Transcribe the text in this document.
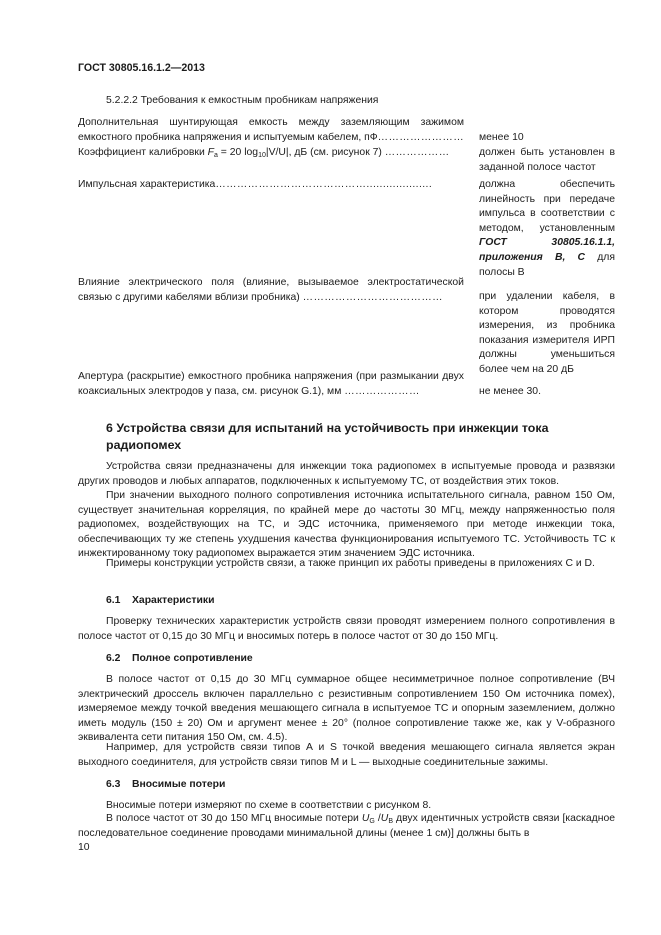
ГОСТ 30805.16.1.2—2013
5.2.2.2 Требования к емкостным пробникам напряжения
Дополнительная шунтирующая емкость между заземляющим зажимом емкостного пробника напряжения и испытуемым кабелем, пФ…………………… менее 10
Коэффициент калибровки $F_a = 20$ $\log_{10}|V/U|$, дБ (см. рисунок 7) ………………	должен быть установлен в заданной полосе частот
Импульсная характеристика……………………………………....................	должна обеспечить линейность при передаче импульса в соответствии с методом, установленным ГОСТ 30805.16.1.1, приложения В, С для полосы В
Влияние электрического поля (влияние, вызываемое электростатической связью с другими кабелями вблизи пробника) …………………………………	при удалении кабеля, в котором проводятся измерения, из пробника показания измерителя ИРП должны уменьшиться более чем на 20 дБ
Апертура (раскрытие) емкостного пробника напряжения (при размыкании двух коаксиальных электродов у паза, см. рисунок G.1), мм …………………	не менее 30.
6 Устройства связи для испытаний на устойчивость при инжекции тока радиопомех
Устройства связи предназначены для инжекции тока радиопомех в испытуемые провода и развязки других проводов и любых аппаратов, подключенных к испытуемому ТС, от воздействия этих токов.
При значении выходного полного сопротивления источника испытательного сигнала, равном 150 Ом, существует значительная корреляция, по крайней мере до частоты 30 МГц, между напряженностью поля радиопомех, воздействующих на ТС, и ЭДС источника, применяемого при методе инжекции тока, обеспечивающих ту же степень ухудшения качества функционирования испытуемого ТС. Устойчивость ТС к инжектированному току радиопомех выражается этим значением ЭДС источника.
Примеры конструкции устройств связи, а также принцип их работы приведены в приложениях С и D.
6.1 Характеристики
Проверку технических характеристик устройств связи проводят измерением полного сопротивления в полосе частот от 0,15 до 30 МГц и вносимых потерь в полосе частот от 30 до 150 МГц.
6.2 Полное сопротивление
В полосе частот от 0,15 до 30 МГц суммарное общее несимметричное полное сопротивление (ВЧ электрический дроссель включен параллельно с резистивным сопротивлением 150 Ом источника помех), измеряемое между точкой введения мешающего сигнала в испытуемое ТС и опорным заземлением, должно иметь модуль (150 ± 20) Ом и аргумент менее ± 20° (полное сопротивление также же, как у V-образного эквивалента сети питания 150 Ом, см. 4.5).
Например, для устройств связи типов А и S точкой введения мешающего сигнала является экран выходного соединителя, для устройств связи типов М и L — выходные соединительные зажимы.
6.3 Вносимые потери
Вносимые потери измеряют по схеме в соответствии с рисунком 8.
В полосе частот от 30 до 150 МГц вносимые потери $U_G$ $/U_B$ двух идентичных устройств связи [каскадное последовательное соединение проводами минимальной длины (менее 1 см)] должны быть в
10
